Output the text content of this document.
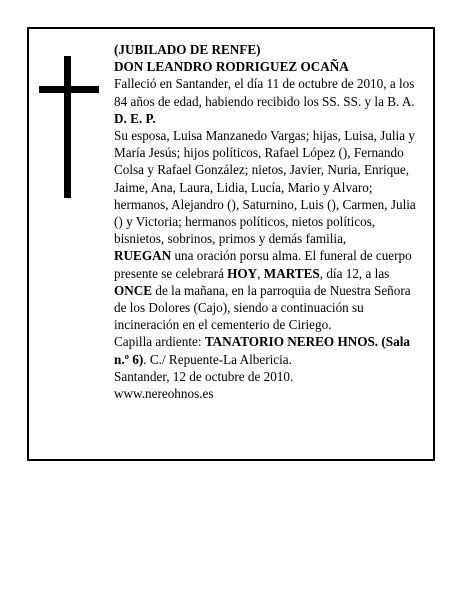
(JUBILADO DE RENFE)

DON LEANDRO RODRIGUEZ OCAÑA

Falleció en Santander, el día 11 de octubre de 2010, a los 84 años de edad, habiendo recibido los SS. SS. y la B. A.

D. E. P.

Su esposa, Luisa Manzanedo Vargas; hijas, Luisa, Julia y María Jesús; hijos políticos, Rafael López (), Fernando Colsa y Rafael González; nietos, Javier, Nuria, Enrique, Jaime, Ana, Laura, Lidia, Lucía, Mario y Alvaro; hermanos, Alejandro (), Saturnino, Luis (), Carmen, Julia () y Victoria; hermanos políticos, nietos políticos, bisnietos, sobrinos, primos y demás familia,

RUEGAN una oración porsu alma. El funeral de cuerpo presente se celebrará HOY, MARTES, día 12, a las ONCE de la mañana, en la parroquia de Nuestra Señora de los Dolores (Cajo), siendo a continuación su incineración en el cementerio de Ciriego.

Capilla ardiente: TANATORIO NEREO HNOS. (Sala n.º 6). C./ Repuente-La Albericia.

Santander, 12 de octubre de 2010.

www.nereohnos.es
